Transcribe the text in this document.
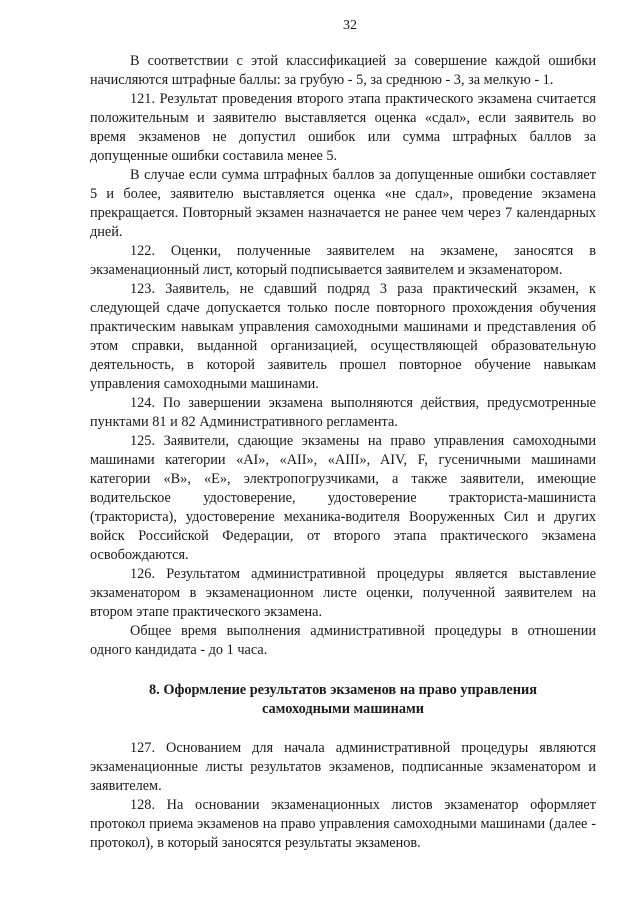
32

В соответствии с этой классификацией за совершение каждой ошибки начисляются штрафные баллы: за грубую - 5, за среднюю - 3, за мелкую - 1.

121. Результат проведения второго этапа практического экзамена считается положительным и заявителю выставляется оценка «сдал», если заявитель во время экзаменов не допустил ошибок или сумма штрафных баллов за допущенные ошибки составила менее 5.

В случае если сумма штрафных баллов за допущенные ошибки составляет 5 и более, заявителю выставляется оценка «не сдал», проведение экзамена прекращается. Повторный экзамен назначается не ранее чем через 7 календарных дней.

122. Оценки, полученные заявителем на экзамене, заносятся в экзаменационный лист, который подписывается заявителем и экзаменатором.

123. Заявитель, не сдавший подряд 3 раза практический экзамен, к следующей сдаче допускается только после повторного прохождения обучения практическим навыкам управления самоходными машинами и представления об этом справки, выданной организацией, осуществляющей образовательную деятельность, в которой заявитель прошел повторное обучение навыкам управления самоходными машинами.

124. По завершении экзамена выполняются действия, предусмотренные пунктами 81 и 82 Административного регламента.

125. Заявители, сдающие экзамены на право управления самоходными машинами категории «AI», «AII», «AIII», AIV, F, гусеничными машинами категории «B», «E», электропогрузчиками, а также заявители, имеющие водительское удостоверение, удостоверение тракториста-машиниста (тракториста), удостоверение механика-водителя Вооруженных Сил и других войск Российской Федерации, от второго этапа практического экзамена освобождаются.

126. Результатом административной процедуры является выставление экзаменатором в экзаменационном листе оценки, полученной заявителем на втором этапе практического экзамена.

Общее время выполнения административной процедуры в отношении одного кандидата - до 1 часа.

8. Оформление результатов экзаменов на право управления
самоходными машинами

127. Основанием для начала административной процедуры являются экзаменационные листы результатов экзаменов, подписанные экзаменатором и заявителем.

128. На основании экзаменационных листов экзаменатор оформляет протокол приема экзаменов на право управления самоходными машинами (далее - протокол), в который заносятся результаты экзаменов.
